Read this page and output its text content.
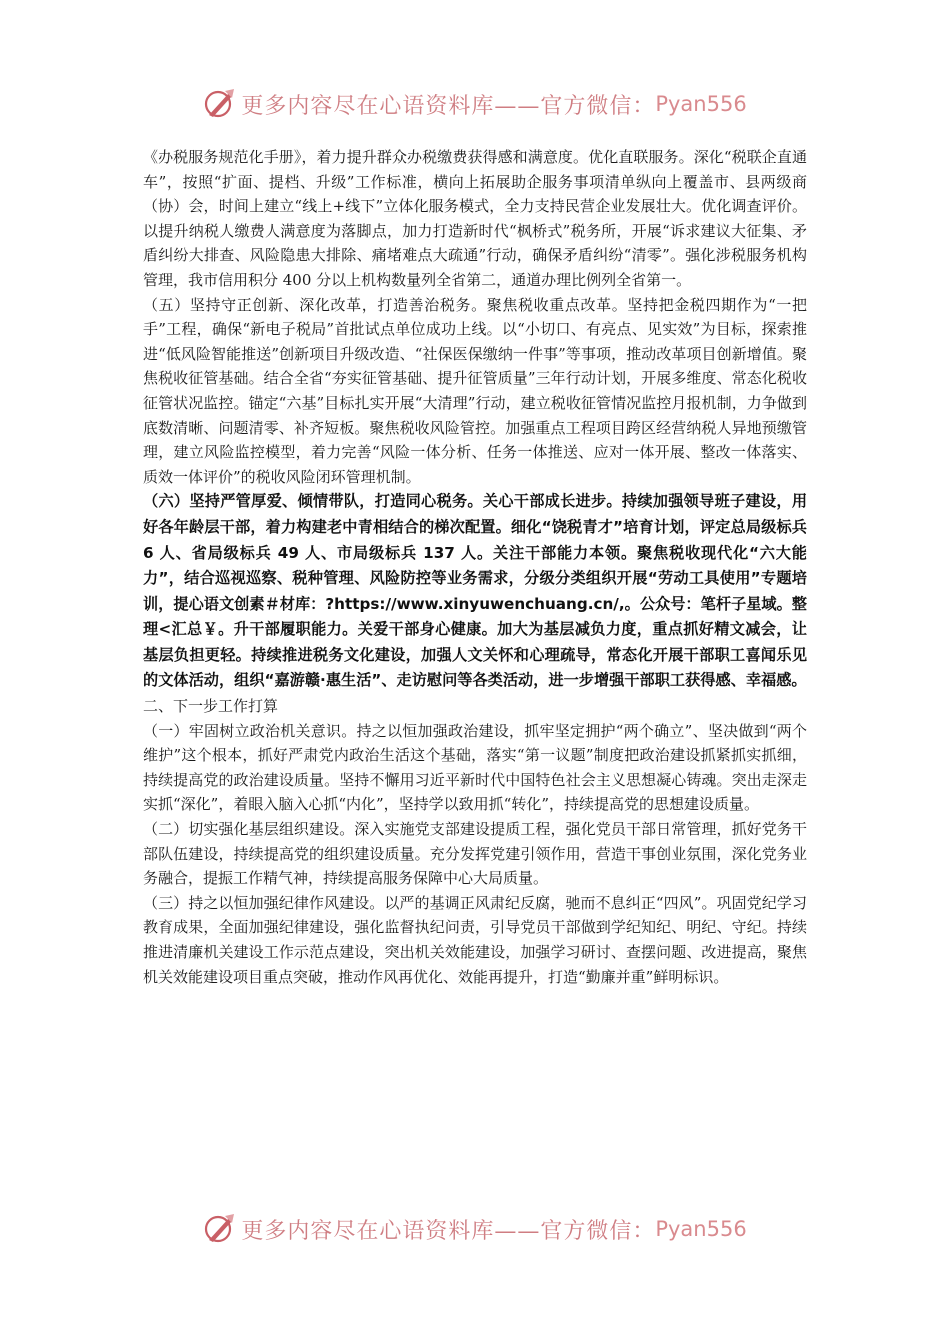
更多内容尽在心语资料库——官方微信： Pyan556

《办税服务规范化手册》，着力提升群众办税缴费获得感和满意度。优化直联服务。深化“税联企直通车”，按照“扩面、提档、升级”工作标准，横向上拓展助企服务事项清单纵向上覆盖市、县两级商（协）会，时间上建立“线上+线下”立体化服务模式，全力支持民营企业发展壮大。优化调查评价。以提升纳税人缴费人满意度为落脚点，加力打造新时代“枫桥式”税务所，开展“诉求建议大征集、矛盾纠纷大排查、风险隐患大排除、痛堵难点大疏通”行动，确保矛盾纠纷“清零”。强化涉税服务机构管理，我市信用积分 400 分以上机构数量列全省第二，通道办理比例列全省第一。

（五）坚持守正创新、深化改革，打造善治税务。聚焦税收重点改革。坚持把金税四期作为“一把手”工程，确保“新电子税局”首批试点单位成功上线。以“小切口、有亮点、见实效”为目标，探索推进“低风险智能推送”创新项目升级改造、“社保医保缴纳一件事”等事项，推动改革项目创新增值。聚焦税收征管基础。结合全省“夯实征管基础、提升征管质量”三年行动计划，开展多维度、常态化税收征管状况监控。锚定“六基”目标扎实开展“大清理”行动，建立税收征管情况监控月报机制，力争做到底数清晰、问题清零、补齐短板。聚焦税收风险管控。加强重点工程项目跨区经营纳税人异地预缴管理，建立风险监控模型，着力完善“风险一体分析、任务一体推送、应对一体开展、整改一体落实、质效一体评价”的税收风险闭环管理机制。

（六）坚持严管厚爱、倾情带队，打造同心税务。关心干部成长进步。持续加强领导班子建设，用好各年龄层干部，着力构建老中青相结合的梯次配置。细化“饶税青才”培育计划，评定总局级标兵 6 人、省局级标兵 49 人、市局级标兵 137 人。关注干部能力本领。聚焦税收现代化“六大能力”，结合巡视巡察、税种管理、风险防控等业务需求，分级分类组织开展“劳动工具使用”专题培训，提心语文创素＃材库：?https://www.xinyuwenchuang.cn/,。公众号：笔杆子星域。整理<汇总￥。升干部履职能力。关爱干部身心健康。加大为基层减负力度，重点抓好精文减会，让基层负担更轻。持续推进税务文化建设，加强人文关怀和心理疏导，常态化开展干部职工喜闻乐见的文体活动，组织“嘉游赣·惠生活”、走访慰问等各类活动，进一步增强干部职工获得感、幸福感。

二、下一步工作打算

（一）牢固树立政治机关意识。持之以恒加强政治建设，抓牢坚定拥护“两个确立”、坚决做到“两个维护”这个根本，抓好严肃党内政治生活这个基础，落实“第一议题”制度把政治建设抓紧抓实抓细，持续提高党的政治建设质量。坚持不懈用习近平新时代中国特色社会主义思想凝心铸魂。突出走深走实抓“深化”，着眼入脑入心抓“内化”，坚持学以致用抓“转化”，持续提高党的思想建设质量。

（二）切实强化基层组织建设。深入实施党支部建设提质工程，强化党员干部日常管理，抓好党务干部队伍建设，持续提高党的组织建设质量。充分发挥党建引领作用，营造干事创业氛围，深化党务业务融合，提振工作精气神，持续提高服务保障中心大局质量。

（三）持之以恒加强纪律作风建设。以严的基调正风肃纪反腐，驰而不息纠正“四风”。巩固党纪学习教育成果，全面加强纪律建设，强化监督执纪问责，引导党员干部做到学纪知纪、明纪、守纪。持续推进清廉机关建设工作示范点建设，突出机关效能建设，加强学习研讨、查摆问题、改进提高，聚焦机关效能建设项目重点突破，推动作风再优化、效能再提升，打造“勤廉并重”鲜明标识。

更多内容尽在心语资料库——官方微信： Pyan556
